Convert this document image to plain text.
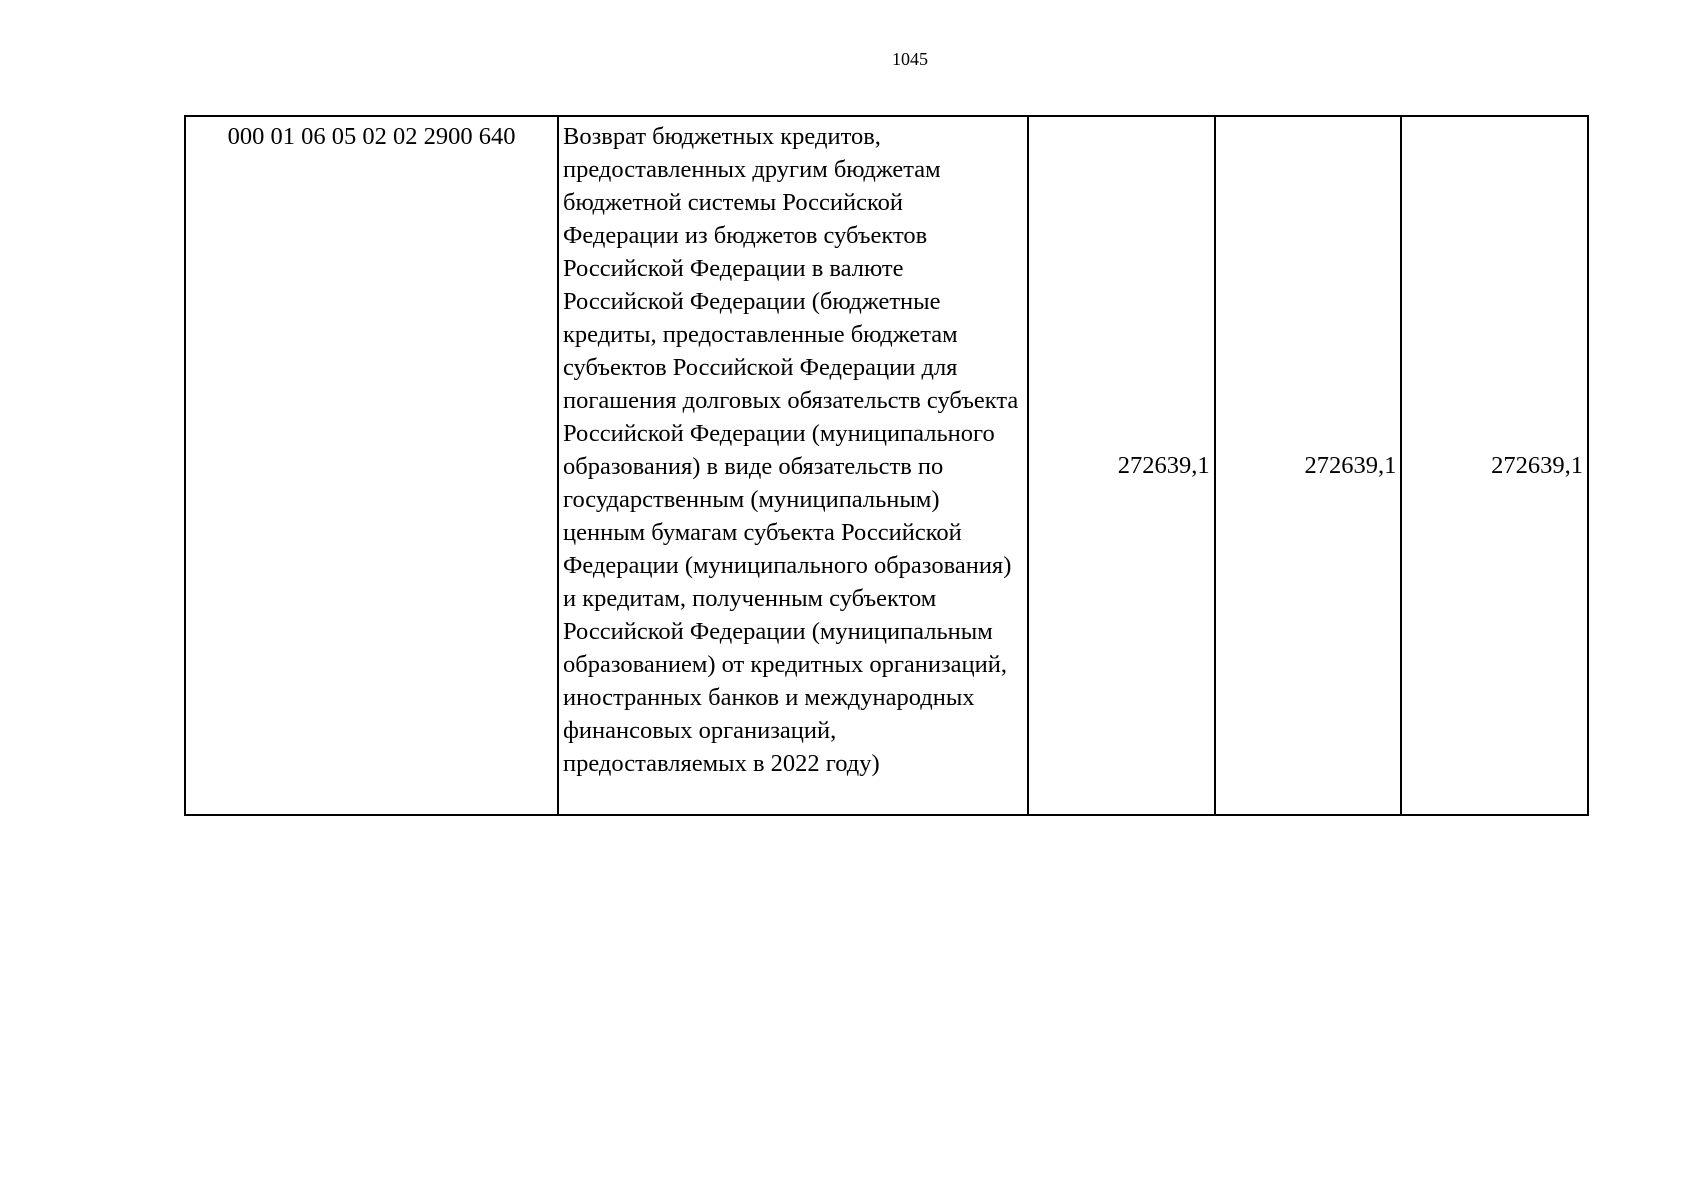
1045
000 01 06 05 02 02 2900 640	Возврат бюджетных кредитов, предоставленных другим бюджетам бюджетной системы Российской Федерации из бюджетов субъектов Российской Федерации в валюте Российской Федерации (бюджетные кредиты, предоставленные бюджетам субъектов Российской Федерации для погашения долговых обязательств субъекта Российской Федерации (муниципального образования) в виде обязательств по государственным (муниципальным) ценным бумагам субъекта Российской Федерации (муниципального образования) и кредитам, полученным субъектом Российской Федерации (муниципальным образованием) от кредитных организаций, иностранных банков и международных финансовых организаций, предоставляемых в 2022 году)	272639,1	272639,1	272639,1
